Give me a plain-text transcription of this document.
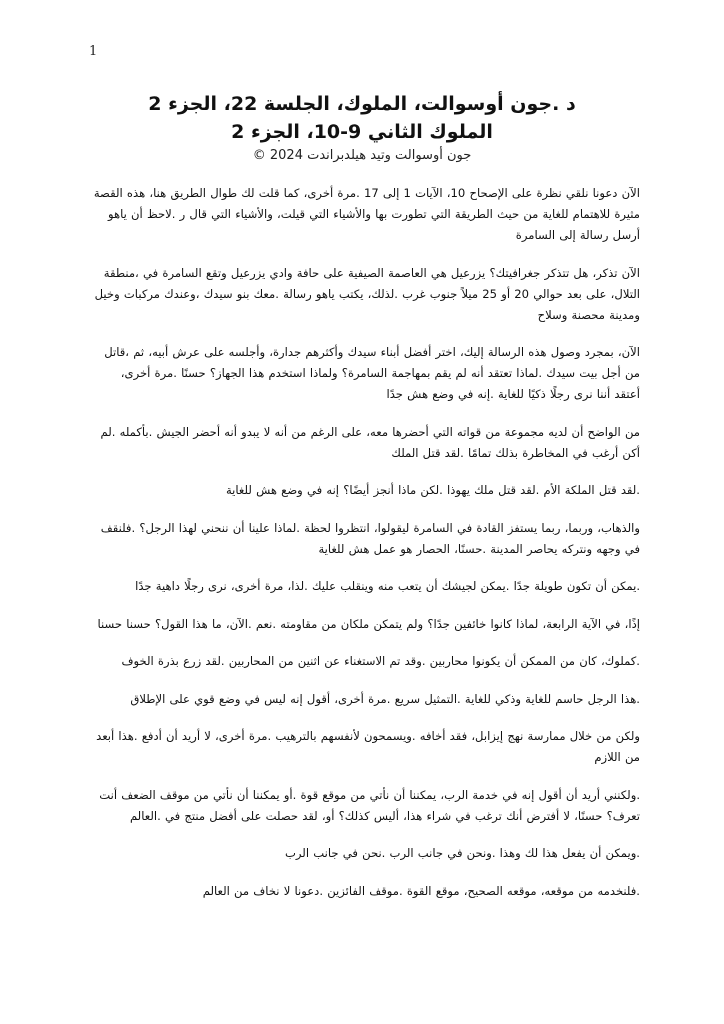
1
د .جون أوسوالت، الملوك، الجلسة 22، الجزء 2
الملوك الثاني 9-10، الجزء 2
جون أوسوالت وتيد هيلدبراندت 2024 ©

الآن دعونا نلقي نظرة على الإصحاح 10، الآيات 1 إلى 17 .مرة أخرى، كما قلت لك طوال الطريق هنا، هذه القصة مثيرة للاهتمام للغاية من حيث الطريقة التي تطورت بها والأشياء التي قيلت، والأشياء التي قال ر .لاحظ أن ياهو أرسل رسالة إلى السامرة

الآن تذكر، هل تتذكر جغرافيتك؟ يزرعيل هي العاصمة الصيفية على حافة وادي يزرعيل وتقع السامرة في ،منطقة التلال، على بعد حوالي 20 أو 25 ميلاً جنوب غرب .لذلك، يكتب ياهو رسالة .معك بنو سيدك ،وعندك مركبات وخيل ومدينة محصنة وسلاح

الآن، بمجرد وصول هذه الرسالة إليك، اختر أفضل أبناء سيدك وأكثرهم جدارة، وأجلسه على عرش أبيه، ثم ،قاتل من أجل بيت سيدك .لماذا تعتقد أنه لم يقم بمهاجمة السامرة؟ ولماذا استخدم هذا الجهاز؟ حسنًا .مرة أخرى، أعتقد أننا نرى رجلًا ذكيًا للغاية .إنه في وضع هش جدًا

من الواضح أن لديه مجموعة من قواته التي أحضرها معه، على الرغم من أنه لا يبدو أنه أحضر الجيش .بأكمله .لم أكن أرغب في المخاطرة بذلك تمامًا .لقد قتل الملك

.لقد قتل الملكة الأم .لقد قتل ملك يهوذا .لكن ماذا أنجز أيضًا؟ إنه في وضع هش للغاية

والذهاب، وربما، ربما يستفز القادة في السامرة ليقولوا، انتظروا لحظة .لماذا علينا أن ننحني لهذا الرجل؟ .فلنقف في وجهه ونتركه يحاصر المدينة .حسنًا، الحصار هو عمل هش للغاية

.يمكن أن تكون طويلة جدًا .يمكن لجيشك أن يتعب منه وينقلب عليك .لذا، مرة أخرى، نرى رجلًا داهية جدًا

إذًا، في الآية الرابعة، لماذا كانوا خائفين جدًا؟ ولم يتمكن ملكان من مقاومته .نعم .الآن، ما هذا القول؟ حسنا حسنا

.كملوك، كان من الممكن أن يكونوا محاربين .وقد تم الاستغناء عن اثنين من المحاربين .لقد زرع بذرة الخوف

.هذا الرجل حاسم للغاية وذكي للغاية .التمثيل سريع .مرة أخرى، أقول إنه ليس في وضع قوي على الإطلاق

ولكن من خلال ممارسة نهج إيزابل، فقد أخافه .ويسمحون لأنفسهم بالترهيب .مرة أخرى، لا أريد أن أدفع .هذا أبعد من اللازم

.ولكنني أريد أن أقول إنه في خدمة الرب، يمكننا أن نأتي من موقع قوة .أو يمكننا أن نأتي من موقف الضعف أنت تعرف؟ حسنًا، لا أفترض أنك ترغب في شراء هذا، أليس كذلك؟ أو، لقد حصلت على أفضل منتج في .العالم

.ويمكن أن يفعل هذا لك وهذا .ونحن في جانب الرب .نحن في جانب الرب

.فلنخدمه من موقعه، موقعه الصحيح، موقع القوة .موقف الفائزين .دعونا لا نخاف من العالم
